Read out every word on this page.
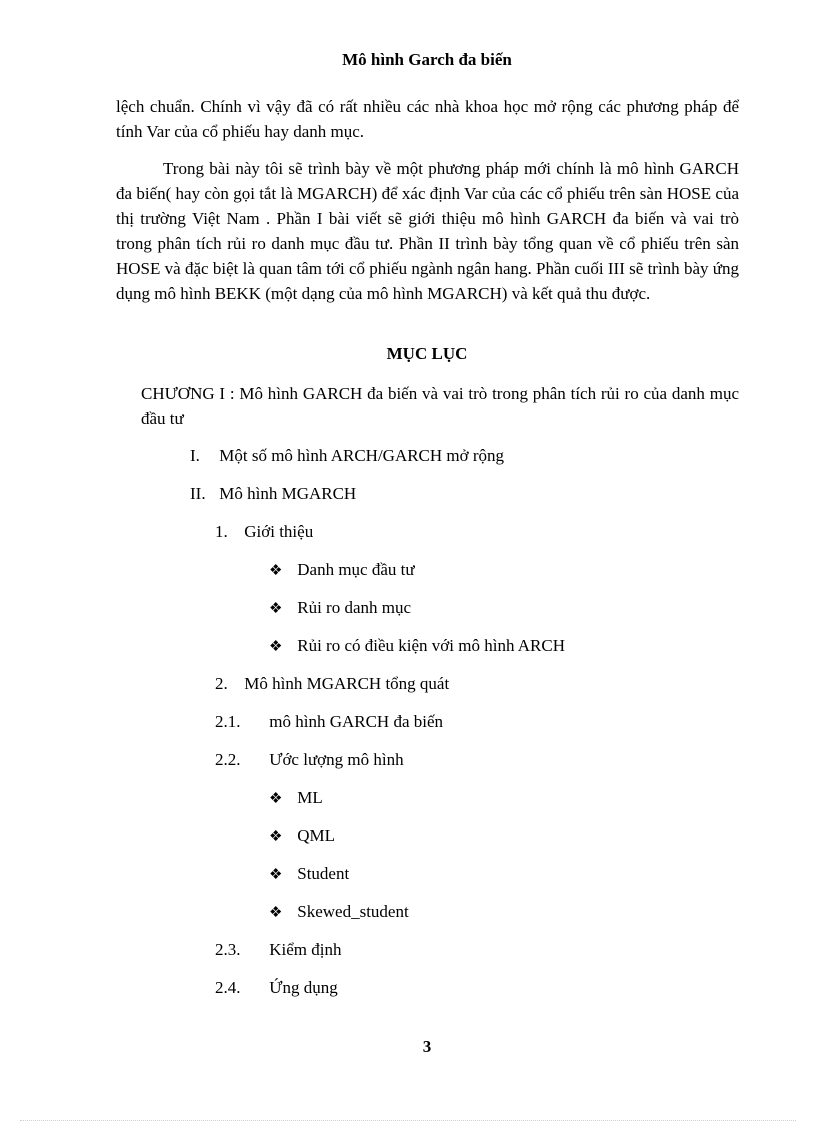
Mô hình Garch đa biến
lệch chuẩn. Chính vì vậy đã có rất nhiều các nhà khoa học mở rộng các phương pháp để tính Var của cổ phiếu hay danh mục.
Trong bài này tôi sẽ trình bày về một phương pháp mới chính là mô hình GARCH đa biến( hay còn gọi tắt là MGARCH) để xác định Var của các cổ phiếu trên sàn HOSE của thị trường Việt Nam . Phần I bài viết sẽ giới thiệu mô hình GARCH đa biến và vai trò trong phân tích rủi ro danh mục đầu tư. Phần II trình bày tổng quan về cổ phiếu trên sàn HOSE và đặc biệt là quan tâm tới cổ phiếu ngành ngân hang. Phần cuối III sẽ trình bày ứng dụng mô hình BEKK (một dạng của mô hình MGARCH) và kết quả thu được.
MỤC LỤC
CHƯƠNG I : Mô hình GARCH đa biến và vai trò trong phân tích rủi ro của danh mục đầu tư
I. Một số mô hình ARCH/GARCH mở rộng
II. Mô hình MGARCH
1. Giới thiệu
❖ Danh mục đầu tư
❖ Rủi ro danh mục
❖ Rủi ro có điều kiện với mô hình ARCH
2. Mô hình MGARCH tổng quát
2.1. mô hình GARCH đa biến
2.2. Ước lượng mô hình
❖ ML
❖ QML
❖ Student
❖ Skewed_student
2.3. Kiểm định
2.4. Ứng dụng
3
